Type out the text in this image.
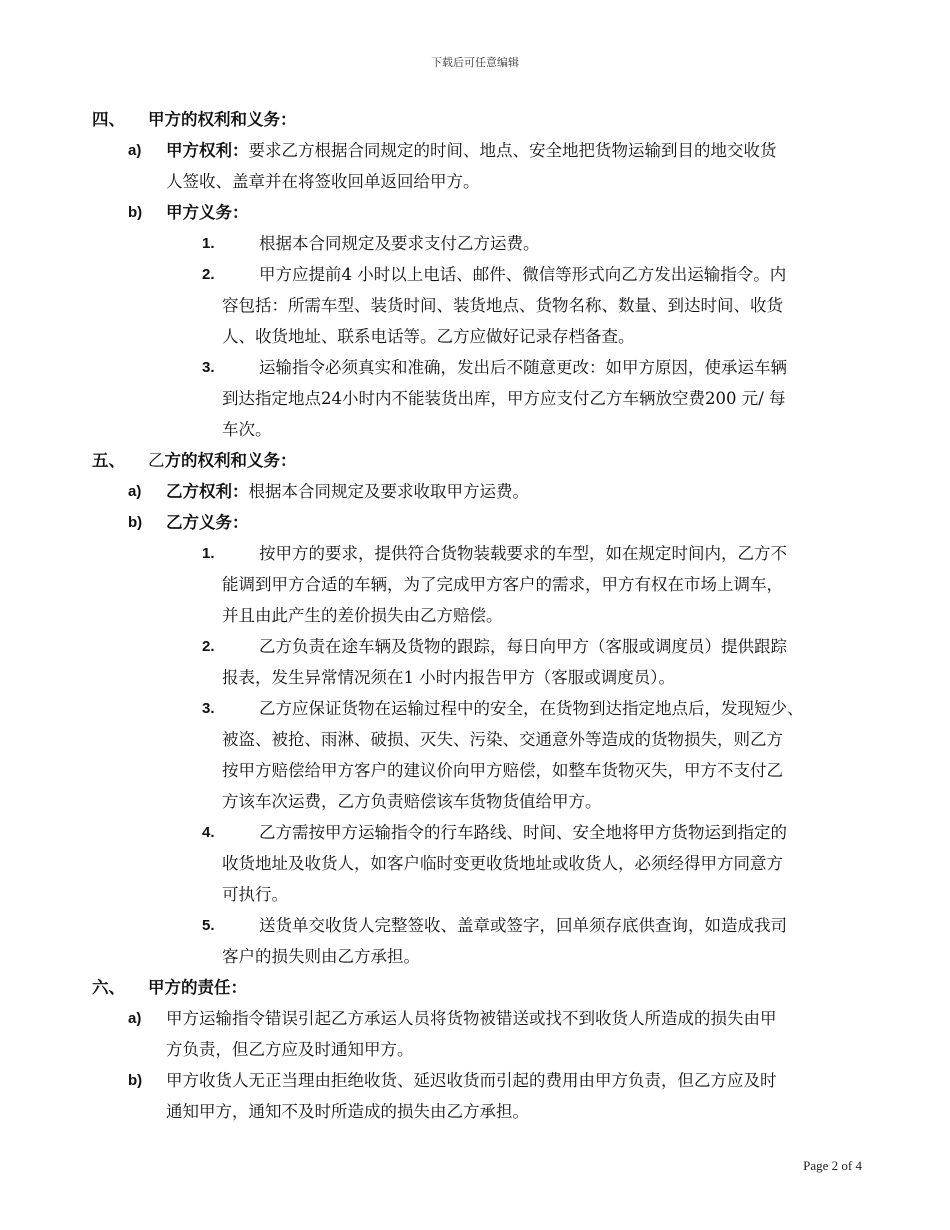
下载后可任意编辑
四、 甲方的权利和义务：
a) 甲方权利：要求乙方根据合同规定的时间、地点、安全地把货物运输到目的地交收货
人签收、盖章并在将签收回单返回给甲方。
b) 甲方义务：
1.	根据本合同规定及要求支付乙方运费。
2.	甲方应提前4 小时以上电话、邮件、微信等形式向乙方发出运输指令。内
容包括：所需车型、装货时间、装货地点、货物名称、数量、到达时间、收货
人、收货地址、联系电话等。乙方应做好记录存档备查。
3.	运输指令必须真实和准确，发出后不随意更改：如甲方原因，使承运车辆
到达指定地点24小时内不能装货出库，甲方应支付乙方车辆放空费200 元/ 每
车次。
五、 乙方的权利和义务：
a) 乙方权利：根据本合同规定及要求收取甲方运费。
b) 乙方义务：
1.	按甲方的要求，提供符合货物装载要求的车型，如在规定时间内，乙方不
能调到甲方合适的车辆，为了完成甲方客户的需求，甲方有权在市场上调车，
并且由此产生的差价损失由乙方赔偿。
2.	乙方负责在途车辆及货物的跟踪，每日向甲方（客服或调度员）提供跟踪
报表，发生异常情况须在1 小时内报告甲方（客服或调度员）。
3.	乙方应保证货物在运输过程中的安全，在货物到达指定地点后，发现短少、
被盗、被抢、雨淋、破损、灭失、污染、交通意外等造成的货物损失，则乙方
按甲方赔偿给甲方客户的建议价向甲方赔偿，如整车货物灭失，甲方不支付乙
方该车次运费，乙方负责赔偿该车货物货值给甲方。
4.	乙方需按甲方运输指令的行车路线、时间、安全地将甲方货物运到指定的
收货地址及收货人，如客户临时变更收货地址或收货人，必须经得甲方同意方
可执行。
5.	送货单交收货人完整签收、盖章或签字，回单须存底供查询，如造成我司
客户的损失则由乙方承担。
六、 甲方的责任：
a) 甲方运输指令错误引起乙方承运人员将货物被错送或找不到收货人所造成的损失由甲
方负责，但乙方应及时通知甲方。
b) 甲方收货人无正当理由拒绝收货、延迟收货而引起的费用由甲方负责，但乙方应及时
通知甲方，通知不及时所造成的损失由乙方承担。
Page 2 of 4
